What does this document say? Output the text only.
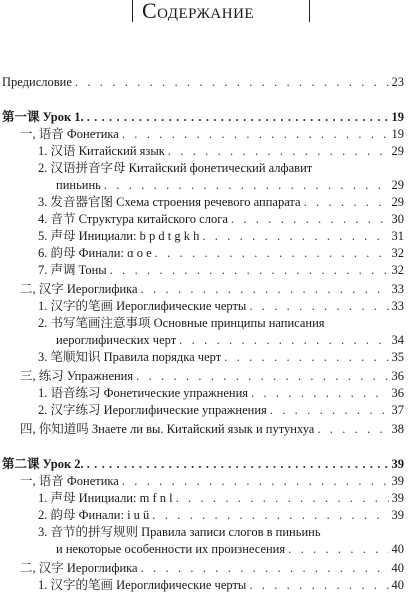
Содержание
Предисловие . . .	23
第一课 Урок 1. . . .	19
一, 语音 Фонетика . . .	19
1. 汉语 Китайский язык . . .	29
2. 汉语拼音字母 Китайский фонетический алфавит
пиньинь . . .	29
3. 发音器官图 Схема строения речевого аппарата . . .	29
4. 音节 Структура китайского слога . . .	30
5. 声母 Инициали: b p d t g k h . . .	31
6. 韵母 Финали: ɑ o e . . .	32
7. 声调 Тоны . . .	32
二, 汉字 Иероглифика . . .	33
1. 汉字的笔画 Иероглифические черты . . .	33
2. 书写笔画注意事项 Основные принципы написания
иероглифических черт . . .	34
3. 笔顺知识 Правила порядка черт . . .	35
三, 练习 Упражнения . . .	36
1. 语音练习 Фонетические упражнения . . .	36
2. 汉字练习 Иероглифические упражнения . . .	37
四, 你知道吗 Знаете ли вы. Китайский язык и путунхуа . . .	38
第二课 Урок 2. . . .	39
一, 语音 Фонетика . . .	39
1. 声母 Инициали: m f n l . . .	39
2. 韵母 Финали: i u ü . . .	39
3. 音节的拼写规则 Правила записи слогов в пиньинь
и некоторые особенности их произнесения . . .	40
二, 汉字 Иероглифика . . .	40
1. 汉字的笔画 Иероглифические черты . . .	40
